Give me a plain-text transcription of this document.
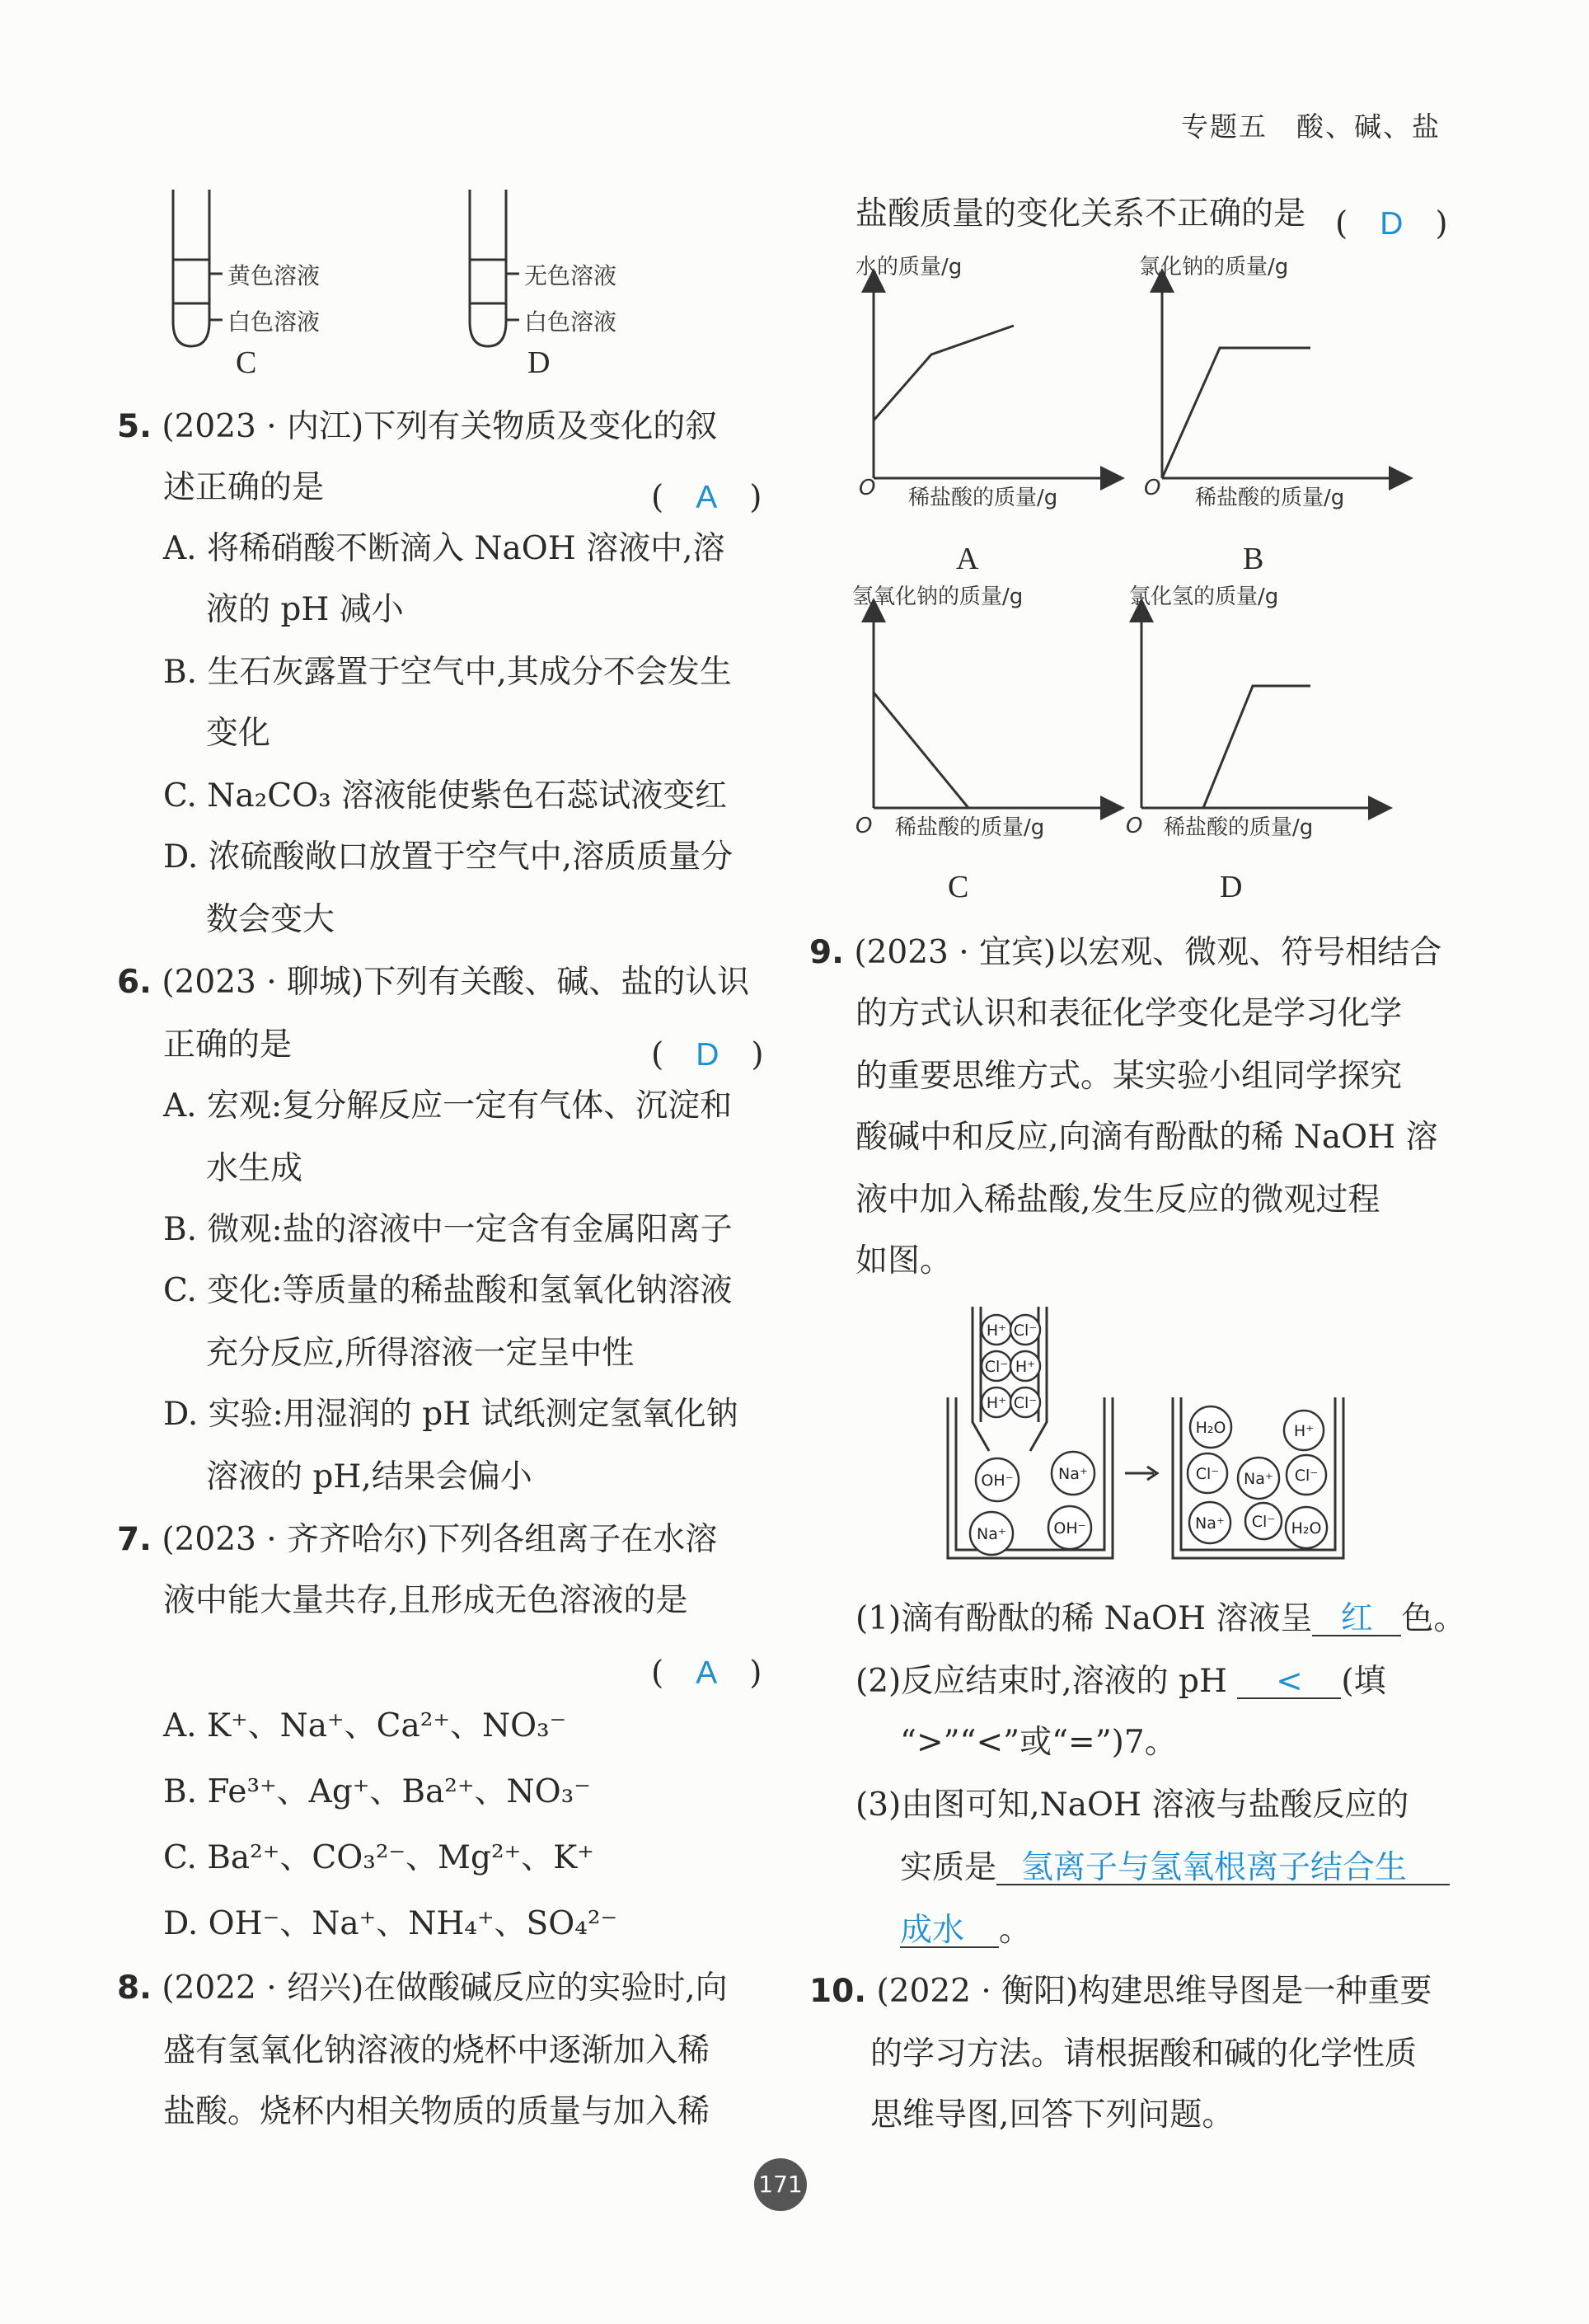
专题五　酸、碱、盐
黄色溶液
白色溶液
无色溶液
白色溶液
C	D
5. (2023 · 内江)下列有关物质及变化的叙
述正确的是	(　A　)
A. 将稀硝酸不断滴入 NaOH 溶液中,溶
液的 pH 减小
B. 生石灰露置于空气中,其成分不会发生
变化
C. Na₂CO₃ 溶液能使紫色石蕊试液变红
D. 浓硫酸敞口放置于空气中,溶质质量分
数会变大
6. (2023 · 聊城)下列有关酸、碱、盐的认识
正确的是	(　D　)
A. 宏观:复分解反应一定有气体、沉淀和
水生成
B. 微观:盐的溶液中一定含有金属阳离子
C. 变化:等质量的稀盐酸和氢氧化钠溶液
充分反应,所得溶液一定呈中性
D. 实验:用湿润的 pH 试纸测定氢氧化钠
溶液的 pH,结果会偏小
7. (2023 · 齐齐哈尔)下列各组离子在水溶
液中能大量共存,且形成无色溶液的是
(　A　)
A. K⁺、Na⁺、Ca²⁺、NO₃⁻
B. Fe³⁺、Ag⁺、Ba²⁺、NO₃⁻
C. Ba²⁺、CO₃²⁻、Mg²⁺、K⁺
D. OH⁻、Na⁺、NH₄⁺、SO₄²⁻
8. (2022 · 绍兴)在做酸碱反应的实验时,向
盛有氢氧化钠溶液的烧杯中逐渐加入稀
盐酸。烧杯内相关物质的质量与加入稀
盐酸质量的变化关系不正确的是 (　D　)
水的质量/g
O 稀盐酸的质量/g
氯化钠的质量/g
O 稀盐酸的质量/g
氢氧化钠的质量/g
O 稀盐酸的质量/g
氯化氢的质量/g
O 稀盐酸的质量/g
A	B
C	D
9. (2023 · 宜宾)以宏观、微观、符号相结合
的方式认识和表征化学变化是学习化学
的重要思维方式。某实验小组同学探究
酸碱中和反应,向滴有酚酞的稀 NaOH 溶
液中加入稀盐酸,发生反应的微观过程
如图。
H⁺ Cl⁻
Cl⁻ H⁺
H⁺ Cl⁻
OH⁻	Na⁺
Na⁺	OH⁻
H₂O	H⁺
Cl⁻ Na⁺ Cl⁻
Na⁺ Cl⁻ H₂O
(1)滴有酚酞的稀 NaOH 溶液呈 红 色。
(2)反应结束时,溶液的 pH < (填
“>”“<”或“=”)7。
(3)由图可知,NaOH 溶液与盐酸反应的
实质是 氢离子与氢氧根离子结合生
成水 。
10. (2022 · 衡阳)构建思维导图是一种重要
的学习方法。请根据酸和碱的化学性质
思维导图,回答下列问题。
171
